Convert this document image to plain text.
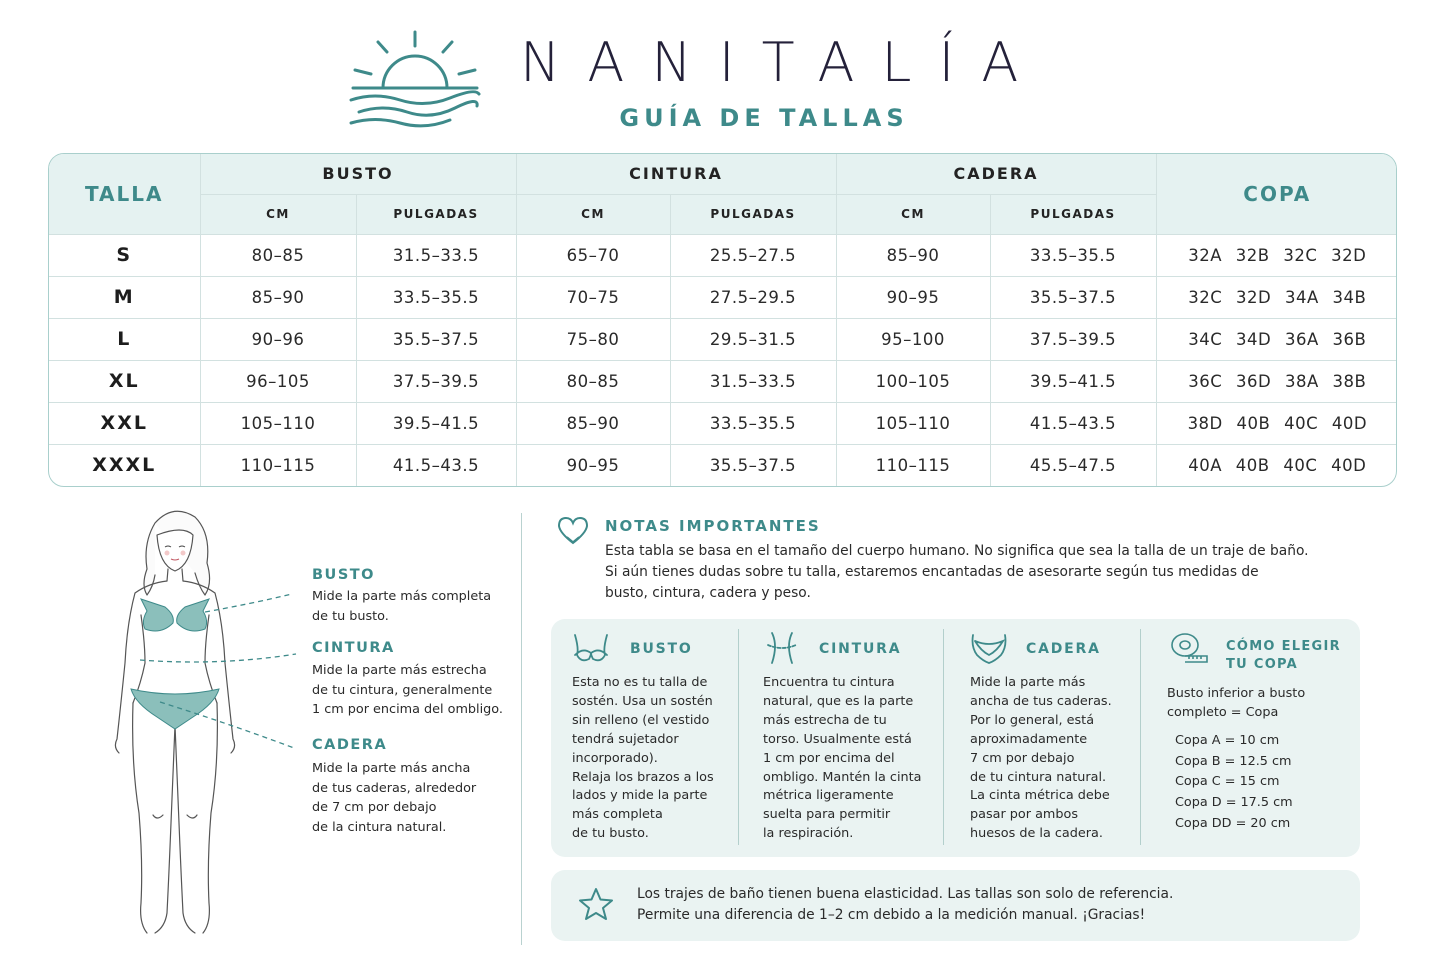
NANITALÍA
GUÍA DE TALLAS
TALLA	BUSTO		CINTURA		CADERA		COPA
	CM	PULGADAS	CM	PULGADAS	CM	PULGADAS	
S	80–85	31.5–33.5	65–70	25.5–27.5	85–90	33.5–35.5	32A 32B 32C 32D
M	85–90	33.5–35.5	70–75	27.5–29.5	90–95	35.5–37.5	32C 32D 34A 34B
L	90–96	35.5–37.5	75–80	29.5–31.5	95–100	37.5–39.5	34C 34D 36A 36B
XL	96–105	37.5–39.5	80–85	31.5–33.5	100–105	39.5–41.5	36C 36D 38A 38B
XXL	105–110	39.5–41.5	85–90	33.5–35.5	105–110	41.5–43.5	38D 40B 40C 40D
XXXL	110–115	41.5–43.5	90–95	35.5–37.5	110–115	45.5–47.5	40A 40B 40C 40D
BUSTO
Mide la parte más completa
de tu busto.
CINTURA
Mide la parte más estrecha
de tu cintura, generalmente
1 cm por encima del ombligo.
CADERA
Mide la parte más ancha
de tus caderas, alrededor
de 7 cm por debajo
de la cintura natural.
NOTAS IMPORTANTES
Esta tabla se basa en el tamaño del cuerpo humano. No significa que sea la talla de un traje de baño.
Si aún tienes dudas sobre tu talla, estaremos encantadas de asesorarte según tus medidas de
busto, cintura, cadera y peso.
BUSTO
Esta no es tu talla de
sostén. Usa un sostén
sin relleno (el vestido
tendrá sujetador
incorporado).
Relaja los brazos a los
lados y mide la parte
más completa
de tu busto.
CINTURA
Encuentra tu cintura
natural, que es la parte
más estrecha de tu
torso. Usualmente está
1 cm por encima del
ombligo. Mantén la cinta
métrica ligeramente
suelta para permitir
la respiración.
CADERA
Mide la parte más
ancha de tus caderas.
Por lo general, está
aproximadamente
7 cm por debajo
de tu cintura natural.
La cinta métrica debe
pasar por ambos
huesos de la cadera.
CÓMO ELEGIR
TU COPA
Busto inferior a busto
completo = Copa
Copa A = 10 cm
Copa B = 12.5 cm
Copa C = 15 cm
Copa D = 17.5 cm
Copa DD = 20 cm
Los trajes de baño tienen buena elasticidad. Las tallas son solo de referencia.
Permite una diferencia de 1–2 cm debido a la medición manual. ¡Gracias!
